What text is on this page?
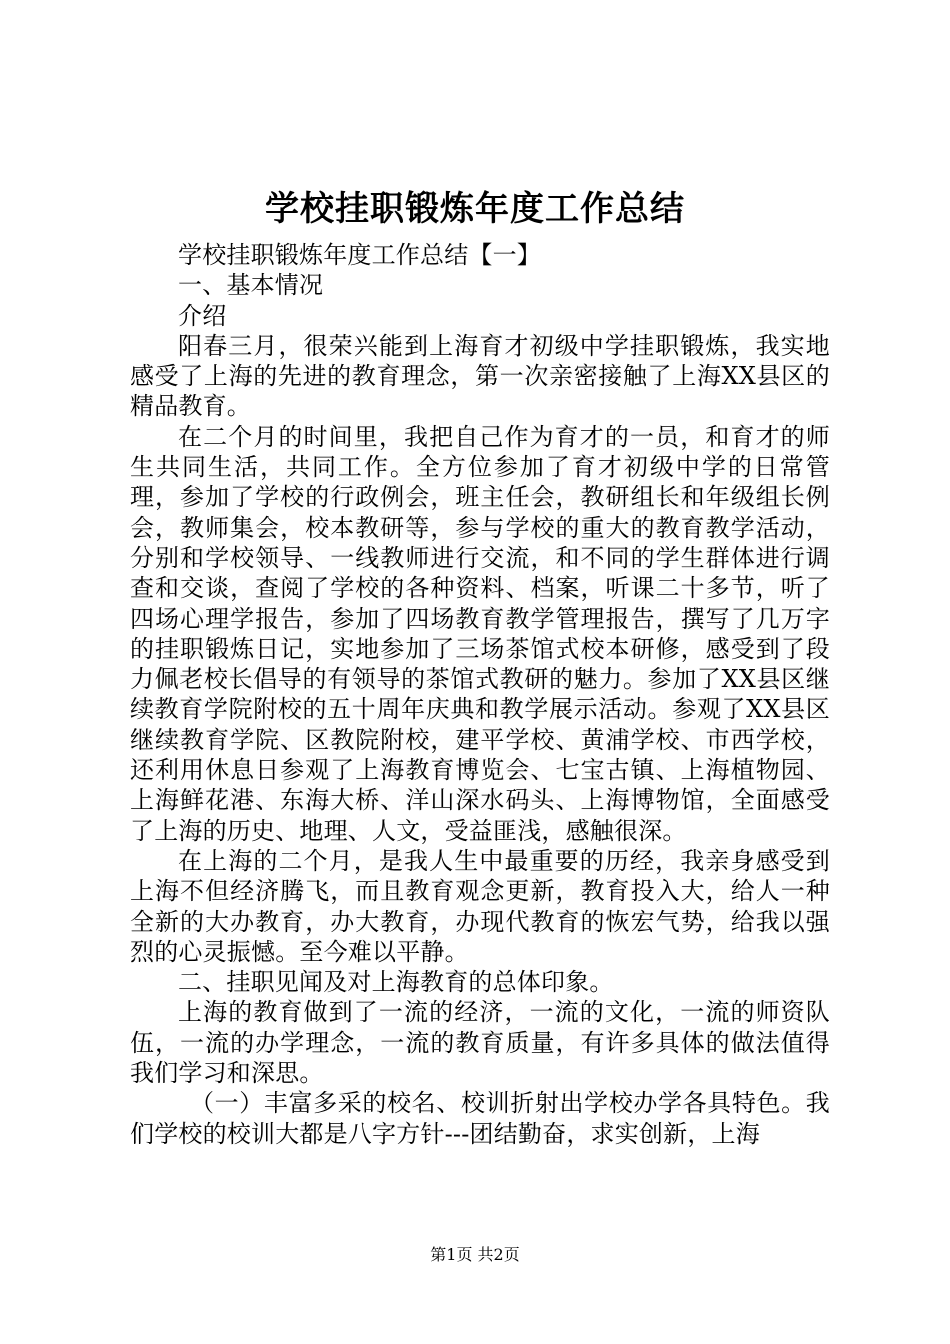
学校挂职锻炼年度工作总结

学校挂职锻炼年度工作总结【一】

一、基本情况

介绍

阳春三月，很荣兴能到上海育才初级中学挂职锻炼，我实地感受了上海的先进的教育理念，第一次亲密接触了上海XX县区的精品教育。

在二个月的时间里，我把自己作为育才的一员，和育才的师生共同生活，共同工作。全方位参加了育才初级中学的日常管理，参加了学校的行政例会，班主任会，教研组长和年级组长例会，教师集会，校本教研等，参与学校的重大的教育教学活动，分别和学校领导、一线教师进行交流，和不同的学生群体进行调查和交谈，查阅了学校的各种资料、档案，听课二十多节，听了四场心理学报告，参加了四场教育教学管理报告，撰写了几万字的挂职锻炼日记，实地参加了三场茶馆式校本研修，感受到了段力佩老校长倡导的有领导的茶馆式教研的魅力。参加了XX县区继续教育学院附校的五十周年庆典和教学展示活动。参观了XX县区继续教育学院、区教院附校，建平学校、黄浦学校、市西学校，还利用休息日参观了上海教育博览会、七宝古镇、上海植物园、上海鲜花港、东海大桥、洋山深水码头、上海博物馆，全面感受了上海的历史、地理、人文，受益匪浅，感触很深。

在上海的二个月，是我人生中最重要的历经，我亲身感受到上海不但经济腾飞，而且教育观念更新，教育投入大，给人一种全新的大办教育，办大教育，办现代教育的恢宏气势，给我以强烈的心灵振憾。至今难以平静。

二、挂职见闻及对上海教育的总体印象。

上海的教育做到了一流的经济，一流的文化，一流的师资队伍，一流的办学理念，一流的教育质量，有许多具体的做法值得我们学习和深思。

（一）丰富多采的校名、校训折射出学校办学各具特色。我们学校的校训大都是八字方针---团结勤奋，求实创新，上海

第1页 共2页
